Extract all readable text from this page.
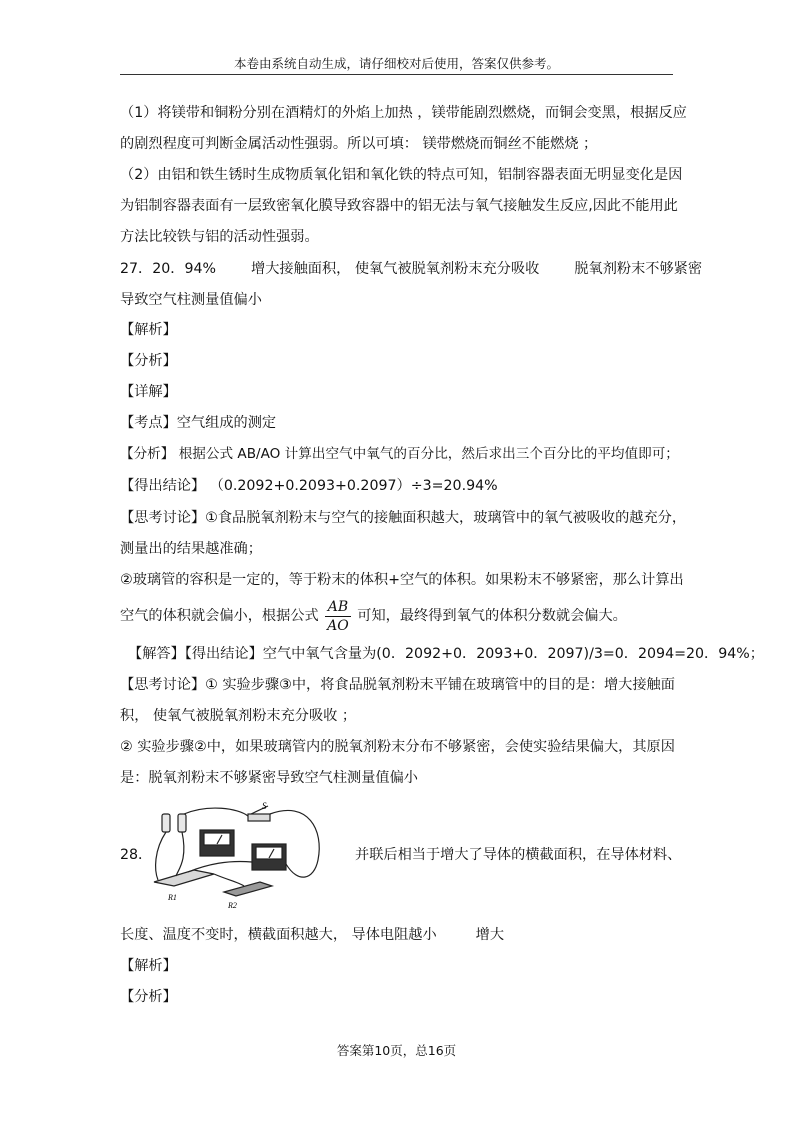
本卷由系统自动生成，请仔细校对后使用，答案仅供参考。
（1）将镁带和铜粉分别在酒精灯的外焰上加热 ，镁带能剧烈燃烧，而铜会变黑，根据反应
的剧烈程度可判断金属活动性强弱。所以可填： 镁带燃烧而铜丝不能燃烧 ；
（2）由铝和铁生锈时生成物质氧化铝和氧化铁的特点可知，铝制容器表面无明显变化是因
为铝制容器表面有一层致密氧化膜导致容器中的铝无法与氧气接触发生反应,因此不能用此
方法比较铁与铝的活动性强弱。
27．20．94% 增大接触面积， 使氧气被脱氧剂粉末充分吸收 脱氧剂粉末不够紧密
导致空气柱测量值偏小
【解析】
【分析】
【详解】
【考点】空气组成的测定
【分析】 根据公式 AB/AO 计算出空气中氧气的百分比，然后求出三个百分比的平均值即可；
【得出结论】 （0.2092+0.2093+0.2097）÷3=20.94%
【思考讨论】①食品脱氧剂粉末与空气的接触面积越大，玻璃管中的氧气被吸收的越充分，
测量出的结果越准确；
②玻璃管的容积是一定的，等于粉末的体积+空气的体积。如果粉末不够紧密，那么计算出
空气的体积就会偏小，根据公式 $\frac{AB}{AO}$ 可知，最终得到氧气的体积分数就会偏大。
【解答】【得出结论】空气中氧气含量为(0．2092+0．2093+0．2097)/3=0．2094=20．94%；
【思考讨论】① 实验步骤③中，将食品脱氧剂粉末平铺在玻璃管中的目的是：增大接触面
积， 使氧气被脱氧剂粉末充分吸收 ；
② 实验步骤②中，如果玻璃管内的脱氧剂粉末分布不够紧密，会使实验结果偏大，其原因
是：脱氧剂粉末不够紧密导致空气柱测量值偏小
28．	并联后相当于增大了导体的横截面积，在导体材料、
S
R1
R2
长度、温度不变时，横截面积越大， 导体电阻越小	增大
【解析】
【分析】
答案第10页，总16页
